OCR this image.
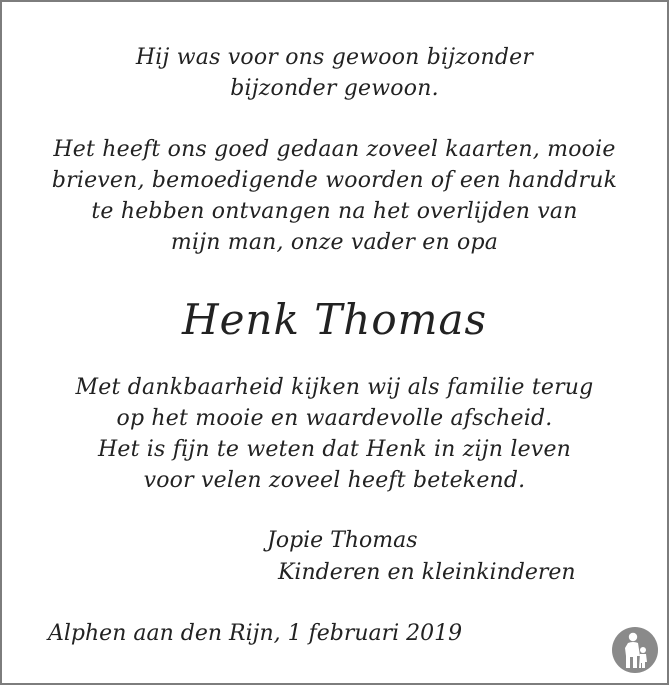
Hij was voor ons gewoon bijzonder
bijzonder gewoon.
Het heeft ons goed gedaan zoveel kaarten, mooie
brieven, bemoedigende woorden of een handdruk
te hebben ontvangen na het overlijden van
mijn man, onze vader en opa
Henk Thomas
Met dankbaarheid kijken wij als familie terug
op het mooie en waardevolle afscheid.
Het is fijn te weten dat Henk in zijn leven
voor velen zoveel heeft betekend.
Jopie Thomas
Kinderen en kleinkinderen
Alphen aan den Rijn, 1 februari 2019
